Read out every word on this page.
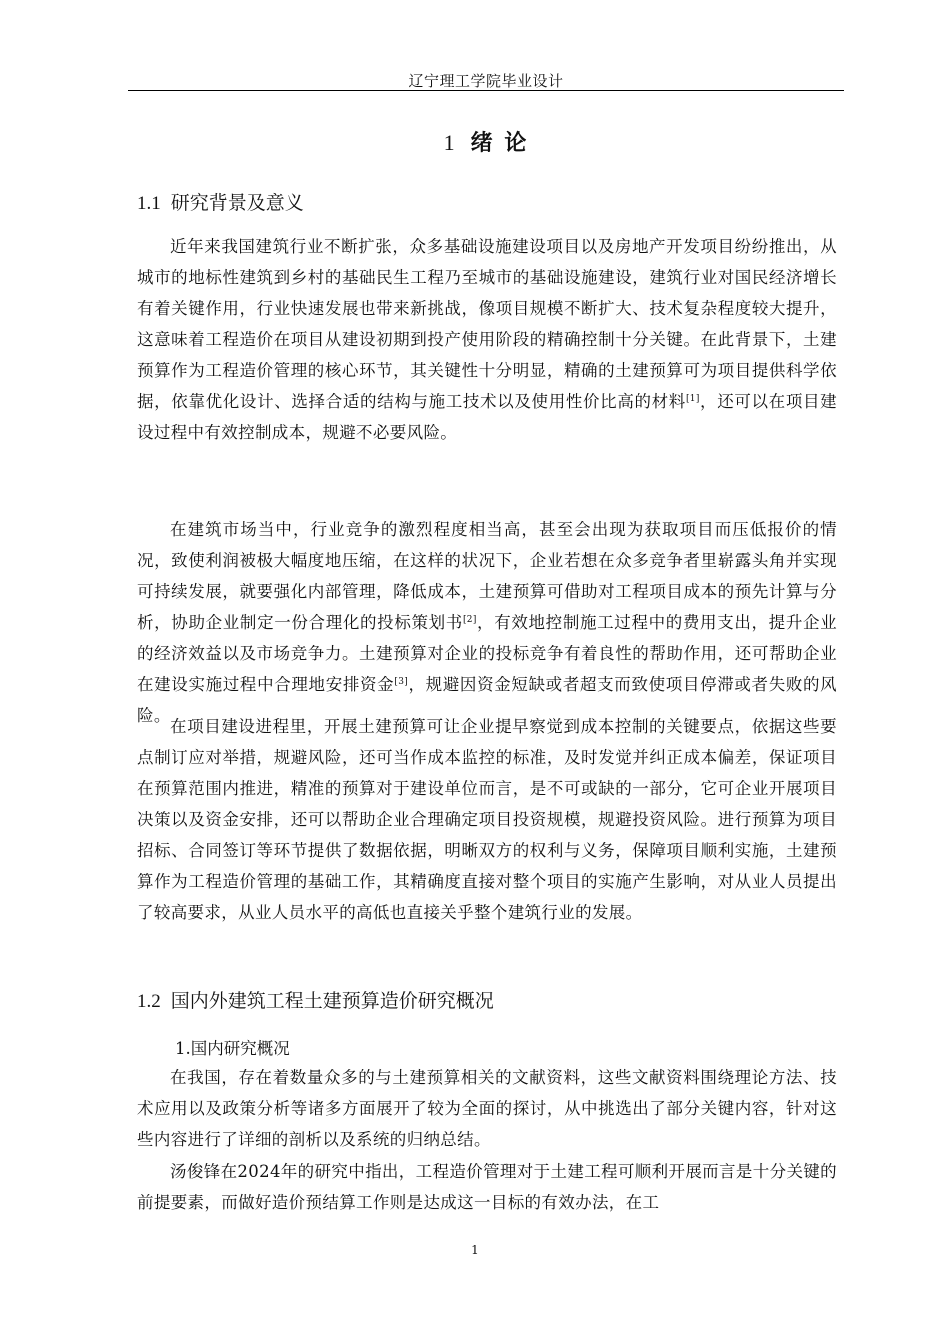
辽宁理工学院毕业设计
1 绪 论
1.1 研究背景及意义

近年来我国建筑行业不断扩张，众多基础设施建设项目以及房地产开发项目纷纷推出，从城市的地标性建筑到乡村的基础民生工程乃至城市的基础设施建设，建筑行业对国民经济增长有着关键作用，行业快速发展也带来新挑战，像项目规模不断扩大、技术复杂程度较大提升，这意味着工程造价在项目从建设初期到投产使用阶段的精确控制十分关键。在此背景下，土建预算作为工程造价管理的核心环节，其关键性十分明显，精确的土建预算可为项目提供科学依据，依靠优化设计、选择合适的结构与施工技术以及使用性价比高的材料[1]，还可以在项目建设过程中有效控制成本，规避不必要风险。

在建筑市场当中，行业竞争的激烈程度相当高，甚至会出现为获取项目而压低报价的情况，致使利润被极大幅度地压缩，在这样的状况下，企业若想在众多竞争者里崭露头角并实现可持续发展，就要强化内部管理，降低成本，土建预算可借助对工程项目成本的预先计算与分析，协助企业制定一份合理化的投标策划书[2]，有效地控制施工过程中的费用支出，提升企业的经济效益以及市场竞争力。土建预算对企业的投标竞争有着良性的帮助作用，还可帮助企业在建设实施过程中合理地安排资金[3]，规避因资金短缺或者超支而致使项目停滞或者失败的风险。

在项目建设进程里，开展土建预算可让企业提早察觉到成本控制的关键要点，依据这些要点制订应对举措，规避风险，还可当作成本监控的标准，及时发觉并纠正成本偏差，保证项目在预算范围内推进，精准的预算对于建设单位而言，是不可或缺的一部分，它可企业开展项目决策以及资金安排，还可以帮助企业合理确定项目投资规模，规避投资风险。进行预算为项目招标、合同签订等环节提供了数据依据，明晰双方的权利与义务，保障项目顺利实施，土建预算作为工程造价管理的基础工作，其精确度直接对整个项目的实施产生影响，对从业人员提出了较高要求，从业人员水平的高低也直接关乎整个建筑行业的发展。

1.2 国内外建筑工程土建预算造价研究概况
1.国内研究概况

在我国，存在着数量众多的与土建预算相关的文献资料，这些文献资料围绕理论方法、技术应用以及政策分析等诸多方面展开了较为全面的探讨，从中挑选出了部分关键内容，针对这些内容进行了详细的剖析以及系统的归纳总结。

汤俊锋在2024年的研究中指出，工程造价管理对于土建工程可顺利开展而言是十分关键的前提要素，而做好造价预结算工作则是达成这一目标的有效办法，在工

1
